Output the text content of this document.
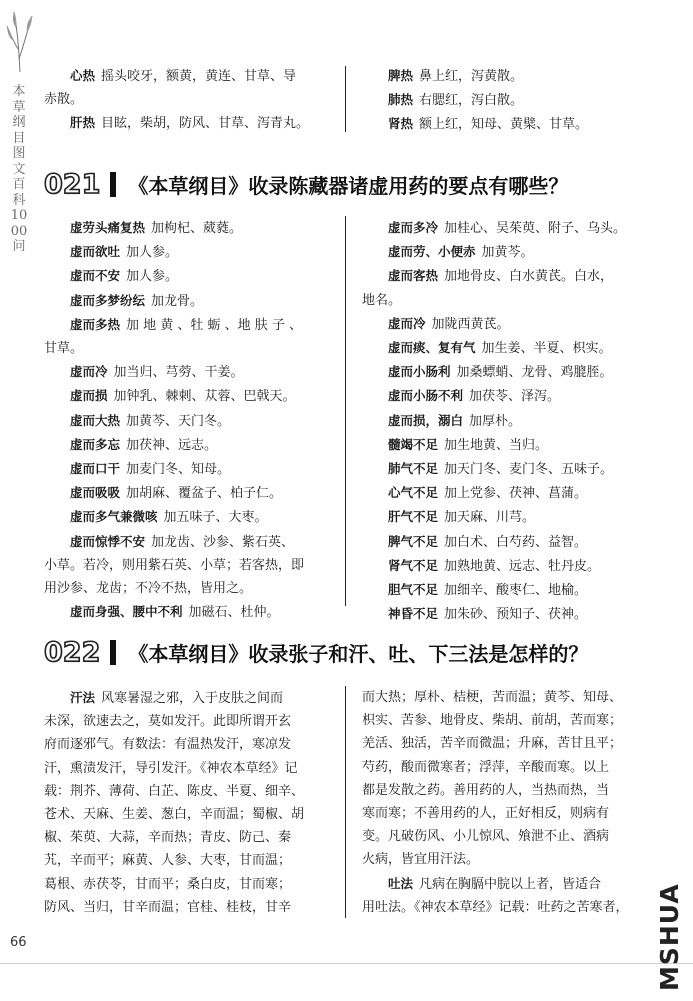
本草纲目图文百科1000问

心热 摇头咬牙，额黄，黄连、甘草、导

赤散。

肝热 目眩，柴胡，防风、甘草、泻青丸。

脾热 鼻上红，泻黄散。

肺热 右腮红，泻白散。

肾热 额上红，知母、黄檗、甘草。

021 《本草纲目》收录陈藏器诸虚用药的要点有哪些？

虚劳头痛复热 加枸杞、葳蕤。

虚而欲吐 加人参。

虚而不安 加人参。

虚而多梦纷纭 加龙骨。

虚而多热 加 地 黄 、牡 蛎 、地 肤 子 、

甘草。

虚而冷 加当归、芎䓖、干姜。

虚而损 加钟乳、棘刺、苁蓉、巴戟天。

虚而大热 加黄芩、天门冬。

虚而多忘 加茯神、远志。

虚而口干 加麦门冬、知母。

虚而吸吸 加胡麻、覆盆子、柏子仁。

虚而多气兼微咳 加五味子、大枣。

虚而惊悸不安 加龙齿、沙参、紫石英、

小草。若冷，则用紫石英、小草；若客热，即

用沙参、龙齿；不冷不热，皆用之。

虚而身强、腰中不利 加磁石、杜仲。

虚而多冷 加桂心、吴茱萸、附子、乌头。

虚而劳、小便赤 加黄芩。

虚而客热 加地骨皮、白水黄芪。白水，

地名。

虚而冷 加陇西黄芪。

虚而痰、复有气 加生姜、半夏、枳实。

虚而小肠利 加桑螵蛸、龙骨、鸡膍胵。

虚而小肠不利 加茯苓、泽泻。

虚而损，溺白 加厚朴。

髓竭不足 加生地黄、当归。

肺气不足 加天门冬、麦门冬、五味子。

心气不足 加上党参、茯神、菖蒲。

肝气不足 加天麻、川芎。

脾气不足 加白术、白芍药、益智。

肾气不足 加熟地黄、远志、牡丹皮。

胆气不足 加细辛、酸枣仁、地榆。

神昏不足 加朱砂、预知子、茯神。

022 《本草纲目》收录张子和汗、吐、下三法是怎样的？

汗法 风寒暑湿之邪，入于皮肤之间而

未深，欲速去之，莫如发汗。此即所谓开玄

府而逐邪气。有数法：有温热发汗，寒凉发

汗，熏渍发汗，导引发汗。《神农本草经》记

载：荆芥、薄荷、白芷、陈皮、半夏、细辛、

苍术、天麻、生姜、葱白，辛而温；蜀椒、胡

椒、茱萸、大蒜，辛而热；青皮、防己、秦

艽，辛而平；麻黄、人参、大枣，甘而温；

葛根、赤茯苓，甘而平；桑白皮，甘而寒；

防风、当归，甘辛而温；官桂、桂枝，甘辛

而大热；厚朴、桔梗，苦而温；黄芩、知母、

枳实、苦参、地骨皮、柴胡、前胡，苦而寒；

羌活、独活，苦辛而微温；升麻，苦甘且平；

芍药，酸而微寒者；浮萍，辛酸而寒。以上

都是发散之药。善用药的人，当热而热，当

寒而寒；不善用药的人，正好相反，则病有

变。凡破伤风、小儿惊风、飧泄不止、酒病

火病，皆宜用汗法。

吐法 凡病在胸膈中脘以上者，皆适合

用吐法。《神农本草经》记载：吐药之苦寒者，

66	MSHUA
